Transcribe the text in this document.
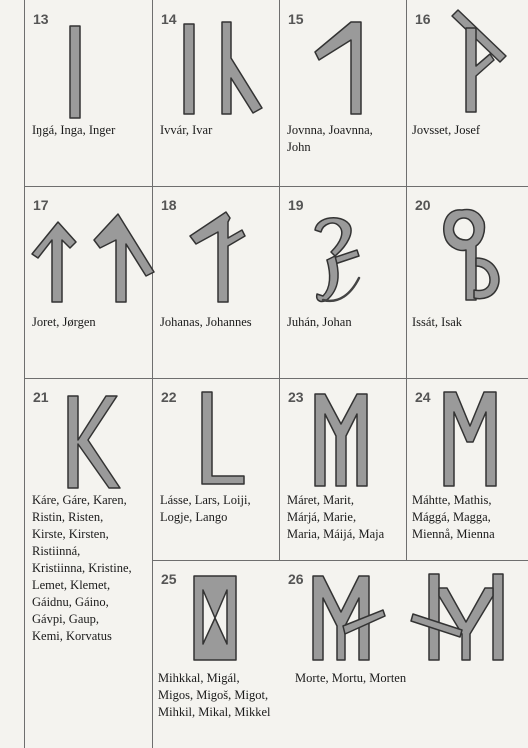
13
Iŋgá, Inga, Inger
14
Ivvár, Ivar
15
Jovnna, Joavnna,
John
16
Jovsset, Josef
17
Joret, Jørgen
18
Johanas, Johannes
19
Juhán, Johan
20
Issát, Isak
21
Káre, Gáre, Karen,
Ristin, Risten,
Kirste, Kirsten,
Ristiinná,
Kristiinna, Kristine,
Lemet, Klemet,
Gáidnu, Gáino,
Gávpi, Gaup,
Kemi, Korvatus
22
Lásse, Lars, Loiji,
Logje, Lango
23
Máret, Marit,
Márjá, Marie,
Maria, Máijá, Maja
24
Máhtte, Mathis,
Mággá, Magga,
Miennå, Mienna
25
Mihkkal, Migál,
Migos, Migoš, Migot,
Mihkil, Mikal, Mikkel
26
Morte, Mortu, Morten
